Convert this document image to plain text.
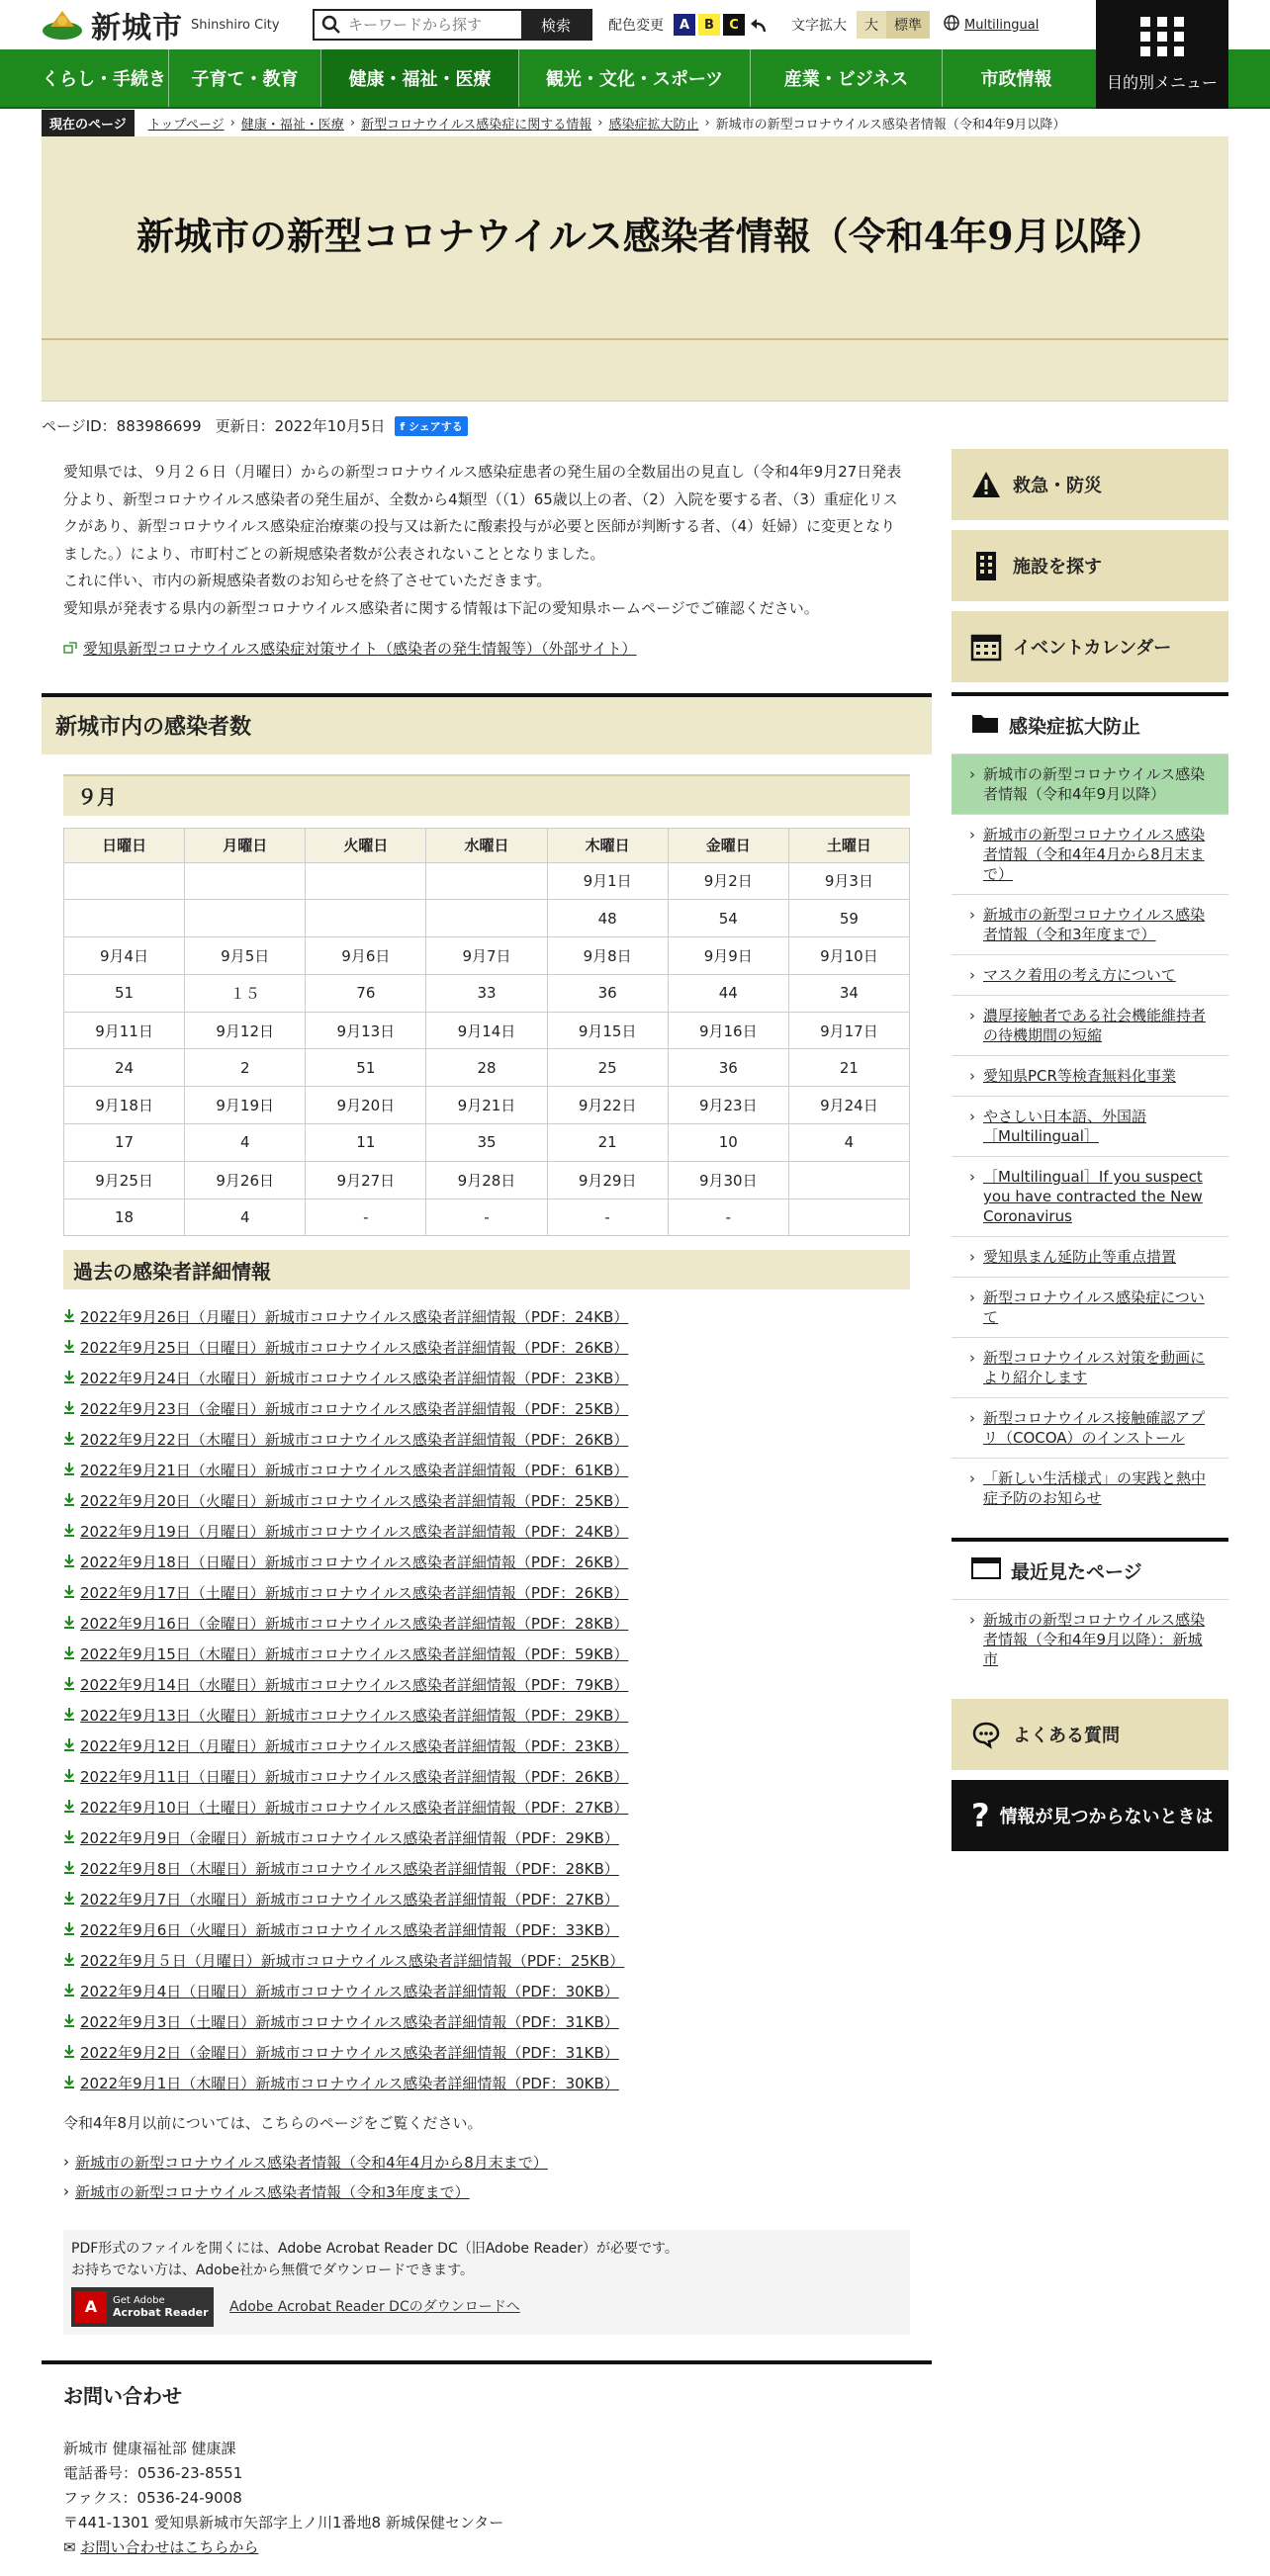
新城市 Shinshiro City
キーワードから探す	検索	配色変更	A	B	C	文字拡大	大	標準	Multilingual
目的別メニュー
くらし・手続き	子育て・教育	健康・福祉・医療	観光・文化・スポーツ	産業・ビジネス	市政情報
現在のページ	トップページ › 健康・福祉・医療 › 新型コロナウイルス感染症に関する情報 › 感染症拡大防止 › 新城市の新型コロナウイルス感染者情報（令和4年9月以降）
新城市の新型コロナウイルス感染者情報（令和4年9月以降）
ページID：883986699 更新日：2022年10月5日	f シェアする

愛知県では、９月２６日（月曜日）からの新型コロナウイルス感染症患者の発生届の全数届出の見直し（令和4年9月27日発表分より、新型コロナウイルス感染者の発生届が、全数から4類型（（1）65歳以上の者、（2）入院を要する者、（3）重症化リスクがあり、新型コロナウイルス感染症治療薬の投与又は新たに酸素投与が必要と医師が判断する者、（4）妊婦）に変更となりました。）により、市町村ごとの新規感染者数が公表されないこととなりました。

これに伴い、市内の新規感染者数のお知らせを終了させていただきます。

愛知県が発表する県内の新型コロナウイルス感染者に関する情報は下記の愛知県ホームページでご確認ください。

愛知県新型コロナウイルス感染症対策サイト（感染者の発生情報等）（外部サイト）
新城市内の感染者数
９月
日曜日	月曜日	火曜日	水曜日	木曜日	金曜日	土曜日
				9月1日	9月2日	9月3日
				48	54	59
9月4日	9月5日	9月6日	9月7日	9月8日	9月9日	9月10日
51	１５	76	33	36	44	34
9月11日	9月12日	9月13日	9月14日	9月15日	9月16日	9月17日
24	2	51	28	25	36	21
9月18日	9月19日	9月20日	9月21日	9月22日	9月23日	9月24日
17	4	11	35	21	10	4
9月25日	9月26日	9月27日	9月28日	9月29日	9月30日	
18	4	-	-	-	-	
過去の感染者詳細情報
2022年9月26日（月曜日）新城市コロナウイルス感染者詳細情報（PDF：24KB）
2022年9月25日（日曜日）新城市コロナウイルス感染者詳細情報（PDF：26KB）
2022年9月24日（水曜日）新城市コロナウイルス感染者詳細情報（PDF：23KB）
2022年9月23日（金曜日）新城市コロナウイルス感染者詳細情報（PDF：25KB）
2022年9月22日（木曜日）新城市コロナウイルス感染者詳細情報（PDF：26KB）
2022年9月21日（水曜日）新城市コロナウイルス感染者詳細情報（PDF：61KB）
2022年9月20日（火曜日）新城市コロナウイルス感染者詳細情報（PDF：25KB）
2022年9月19日（月曜日）新城市コロナウイルス感染者詳細情報（PDF：24KB）
2022年9月18日（日曜日）新城市コロナウイルス感染者詳細情報（PDF：26KB）
2022年9月17日（土曜日）新城市コロナウイルス感染者詳細情報（PDF：26KB）
2022年9月16日（金曜日）新城市コロナウイルス感染者詳細情報（PDF：28KB）
2022年9月15日（木曜日）新城市コロナウイルス感染者詳細情報（PDF：59KB）
2022年9月14日（水曜日）新城市コロナウイルス感染者詳細情報（PDF：79KB）
2022年9月13日（火曜日）新城市コロナウイルス感染者詳細情報（PDF：29KB）
2022年9月12日（月曜日）新城市コロナウイルス感染者詳細情報（PDF：23KB）
2022年9月11日（日曜日）新城市コロナウイルス感染者詳細情報（PDF：26KB）
2022年9月10日（土曜日）新城市コロナウイルス感染者詳細情報（PDF：27KB）
2022年9月9日（金曜日）新城市コロナウイルス感染者詳細情報（PDF：29KB）
2022年9月8日（木曜日）新城市コロナウイルス感染者詳細情報（PDF：28KB）
2022年9月7日（水曜日）新城市コロナウイルス感染者詳細情報（PDF：27KB）
2022年9月6日（火曜日）新城市コロナウイルス感染者詳細情報（PDF：33KB）
2022年9月５日（月曜日）新城市コロナウイルス感染者詳細情報（PDF：25KB）
2022年9月4日（日曜日）新城市コロナウイルス感染者詳細情報（PDF：30KB）
2022年9月3日（土曜日）新城市コロナウイルス感染者詳細情報（PDF：31KB）
2022年9月2日（金曜日）新城市コロナウイルス感染者詳細情報（PDF：31KB）
2022年9月1日（木曜日）新城市コロナウイルス感染者詳細情報（PDF：30KB）

令和4年8月以前については、こちらのページをご覧ください。

› 新城市の新型コロナウイルス感染者情報（令和4年4月から8月末まで）
› 新城市の新型コロナウイルス感染者情報（令和3年度まで）

PDF形式のファイルを開くには、Adobe Acrobat Reader DC（旧Adobe Reader）が必要です。

お持ちでない方は、Adobe社から無償でダウンロードできます。

A	Get Adobe
Acrobat Reader Adobe Acrobat Reader DCのダウンロードへ
お問い合わせ

新城市 健康福祉部 健康課

電話番号：0536-23-8551

ファクス：0536-24-9008

〒441-1301 愛知県新城市矢部字上ノ川1番地8 新城保健センター

✉ お問い合わせはこちらから

救急・防災
施設を探す
イベントカレンダー
感染症拡大防止
› 新城市の新型コロナウイルス感染者情報（令和4年9月以降）
› 新城市の新型コロナウイルス感染者情報（令和4年4月から8月末まで）
› 新城市の新型コロナウイルス感染者情報（令和3年度まで）
› マスク着用の考え方について
› 濃厚接触者である社会機能維持者の待機期間の短縮
› 愛知県PCR等検査無料化事業
› やさしい日本語、外国語［Multilingual］
› ［Multilingual］If you suspect you have contracted the New Coronavirus
› 愛知県まん延防止等重点措置
› 新型コロナウイルス感染症について
› 新型コロナウイルス対策を動画により紹介します
› 新型コロナウイルス接触確認アプリ（COCOA）のインストール
› 「新しい生活様式」の実践と熱中症予防のお知らせ
最近見たページ
› 新城市の新型コロナウイルス感染者情報（令和4年9月以降）：新城市
よくある質問
? 情報が見つからないときは
